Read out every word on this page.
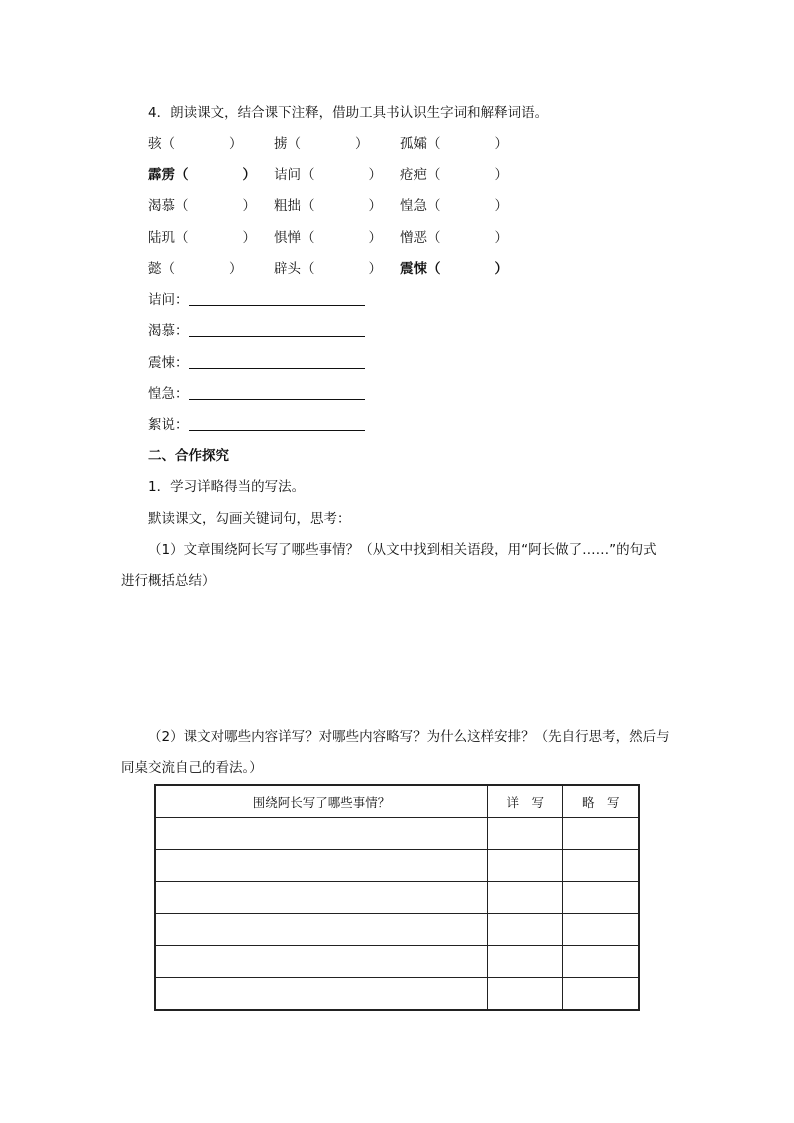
4．朗读课文，结合课下注释，借助工具书认识生字词和解释词语。
骇（　　　　） 掳（　　　　） 孤孀（　　　　）
霹雳（　　　　） 诘问（　　　　） 疮疤（　　　　）
渴慕（　　　　） 粗拙（　　　　） 惶急（　　　　）
陆玑（　　　　） 惧惮（　　　　） 憎恶（　　　　）
懿（　　　　） 辟头（　　　　） 震悚（　　　　）
诘问：
渴慕：
震悚：
惶急：
絮说：
二、合作探究
1．学习详略得当的写法。
默读课文，勾画关键词句，思考：
（1）文章围绕阿长写了哪些事情？（从文中找到相关语段，用“阿长做了……”的句式
进行概括总结）
（2）课文对哪些内容详写？对哪些内容略写？为什么这样安排？（先自行思考，然后与
同桌交流自己的看法。）
围绕阿长写了哪些事情？	详　写	略　写
